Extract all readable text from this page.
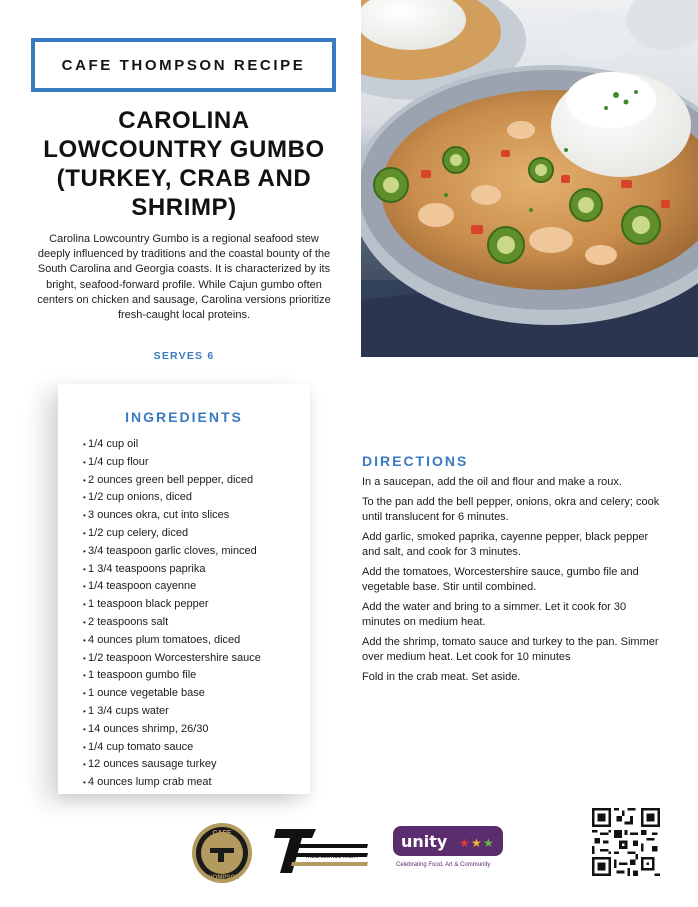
CAFE THOMPSON RECIPE
CAROLINA LOWCOUNTRY GUMBO (TURKEY, CRAB AND SHRIMP)

Carolina Lowcountry Gumbo is a regional seafood stew deeply influenced by traditions and the coastal bounty of the South Carolina and Georgia coasts. It is characterized by its bright, seafood-forward profile. While Cajun gumbo often centers on chicken and sausage, Carolina versions prioritize fresh-caught local proteins.

SERVES 6
INGREDIENTS
• 1/4 cup oil
• 1/4 cup flour
• 2 ounces green bell pepper, diced
• 1/2 cup onions, diced
• 3 ounces okra, cut into slices
• 1/2 cup celery, diced
• 3/4 teaspoon garlic cloves, minced
• 1 3/4 teaspoons paprika
• 1/4 teaspoon cayenne
• 1 teaspoon black pepper
• 2 teaspoons salt
• 4 ounces plum tomatoes, diced
• 1/2 teaspoon Worcestershire sauce
• 1 teaspoon gumbo file
• 1 ounce vegetable base
• 1 3/4 cups water
• 14 ounces shrimp, 26/30
• 1/4 cup tomato sauce
• 12 ounces sausage turkey
• 4 ounces lump crab meat
DIRECTIONS

In a saucepan, add the oil and flour and make a roux.

To the pan add the bell pepper, onions, okra and celery; cook until translucent for 6 minutes.

Add garlic, smoked paprika, cayenne pepper, black pepper and salt, and cook for 3 minutes.

Add the tomatoes, Worcestershire sauce, gumbo file and vegetable base. Stir until combined.

Add the water and bring to a simmer. Let it cook for 30 minutes on medium heat.

Add the shrimp, tomato sauce and turkey to the pan. Simmer over medium heat. Let cook for 10 minutes

Fold in the crab meat. Set aside.

CAFE
THOMPSON
THOMPSON HOSPITALITY
unity ★ ★ ★
Celebrating Food, Art & Community
